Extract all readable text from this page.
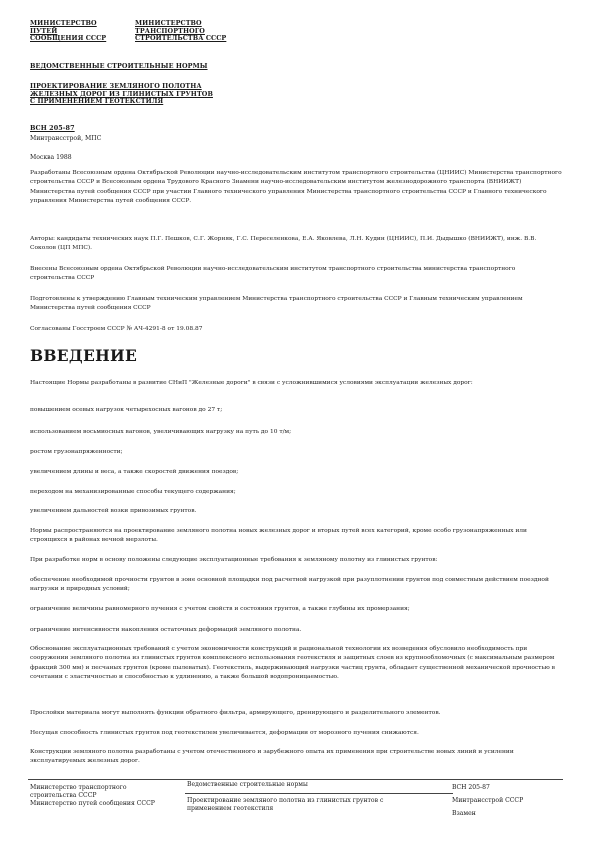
МИНИСТЕРСТВО
ПУТЕЙ
СООБЩЕНИЯ СССР
МИНИСТЕРСТВО
ТРАНСПОРТНОГО
СТРОИТЕЛЬСТВА СССР
ВЕДОМСТВЕННЫЕ СТРОИТЕЛЬНЫЕ НОРМЫ
ПРОЕКТИРОВАНИЕ ЗЕМЛЯНОГО ПОЛОТНА
ЖЕЛЕЗНЫХ ДОРОГ ИЗ ГЛИНИСТЫХ ГРУНТОВ
С ПРИМЕНЕНИЕМ ГЕОТЕКСТИЛЯ
ВСН 205-87
Минтрансстрой, МПС
Москва 1988
Разработаны Всесоюзным ордена Октябрьской Революции научно-исследовательским институтом транспортного строительства (ЦНИИС) Министерства транспортного строительства СССР и Всесоюзным ордена Трудового Красного Знамени научно-исследовательским институтом железнодорожного транспорта (ВНИИЖТ) Министерства путей сообщения СССР при участии Главного технического управления Министерства транспортного строительства СССР и Главного технического управления Министерства путей сообщения СССР.
Авторы: кандидаты технических наук П.Г. Пешков, С.Г. Жорняк, Г.С. Переселенкова, Е.А. Яковлева, Л.Н. Кудин (ЦНИИС), П.И. Дыдышко (ВНИИЖТ), инж. В.В. Соколов (ЦП МПС).
Внесены Всесоюзным ордена Октябрьской Революции научно-исследовательским институтом транспортного строительства министерства транспортного строительства СССР
Подготовлены к утверждению Главным техническим управлением Министерства транспортного строительства СССР и Главным техническим управлением Министерства путей сообщения СССР
Согласованы Госстроем СССР № АЧ-4291-8 от 19.08.87
ВВЕДЕНИЕ
Настоящие Нормы разработаны в развитие СНиП "Железные дороги" в связи с усложнившимися условиями эксплуатации железных дорог:
повышением осевых нагрузок четырехосных вагонов до 27 т;
использованием восьмиосных вагонов, увеличивающих нагрузку на путь до 10 т/м;
ростом грузонапряженности;
увеличением длины и веса, а также скоростей движения поездов;
переходом на механизированные способы текущего содержания;
увеличением дальностей возки привозимых грунтов.
Нормы распространяются на проектирование земляного полотна новых железных дорог и вторых путей всех категорий, кроме особо грузонапряженных или строящихся в районах вечной мерзлоты.
При разработке норм в основу положены следующие эксплуатационные требования к земляному полотну из глинистых грунтов:
обеспечение необходимой прочности грунтов в зоне основной площадки под расчетной нагрузкой при разуплотнении грунтов под совместным действием поездной нагрузки и природных условий;
ограничение величины равномерного пучения с учетом свойств и состояния грунтов, а также глубины их промерзания;
ограничение интенсивности накопления остаточных деформаций земляного полотна.
Обоснование эксплуатационных требований с учетом экономичности конструкций и рациональной технологии их возведения обусловило необходимость при сооружении земляного полотна из глинистых грунтов комплексного использования геотекстиля и защитных слоев из крупнообломочных (с максимальным размером фракций 300 мм) и песчаных грунтов (кроме пылеватых). Геотекстиль, выдерживающий нагрузки частиц грунта, обладает существенной механической прочностью в сочетании с эластичностью и способностью к удлинению, а также большой водопроницаемостью.
Прослойки материала могут выполнять функции обратного фильтра, армирующего, дренирующего и разделительного элементов.
Несущая способность глинистых грунтов под геотекстилем увеличивается, деформации от морозного пучения снижаются.
Конструкции земляного полотна разработаны с учетом отечественного и зарубежного опыта их применения при строительстве новых линий и усилении эксплуатируемых железных дорог.
Министерство транспортного
строительства СССР
Министерство путей сообщения СССР
Ведомственные строительные нормы
Проектирование земляного полотна из глинистых грунтов с
применением геотекстиля
ВСН 205-87
Минтрансстрой СССР
Взамен
